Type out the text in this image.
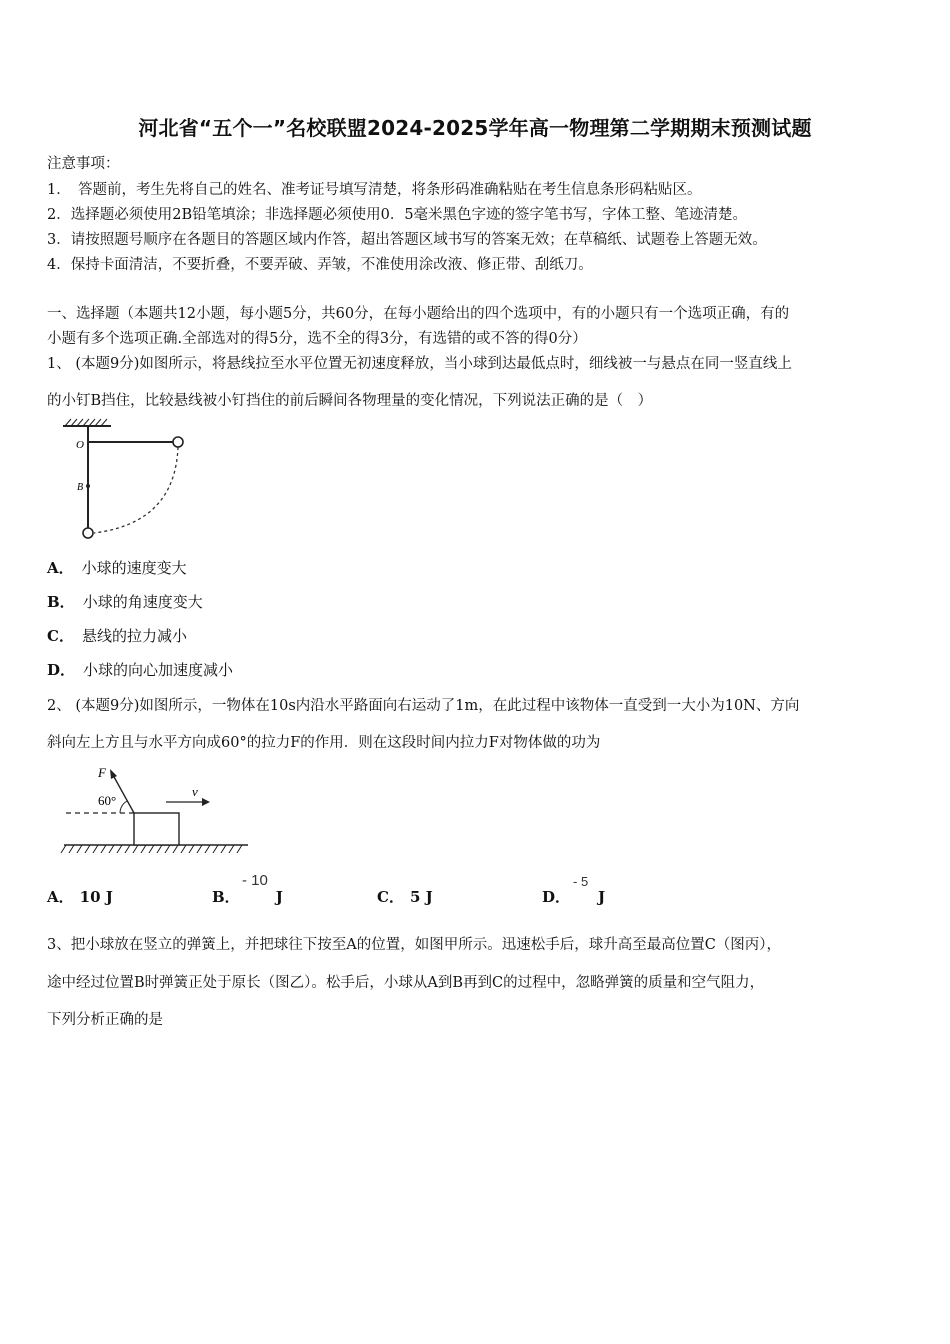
河北省“五个一”名校联盟2024-2025学年高一物理第二学期期末预测试题
注意事项：
1．　答题前，考生先将自己的姓名、准考证号填写清楚，将条形码准确粘贴在考生信息条形码粘贴区。
2．选择题必须使用2B铅笔填涂；非选择题必须使用0．5毫米黑色字迹的签字笔书写，字体工整、笔迹清楚。
3．请按照题号顺序在各题目的答题区域内作答，超出答题区域书写的答案无效；在草稿纸、试题卷上答题无效。
4．保持卡面清洁，不要折叠，不要弄破、弄皱，不准使用涂改液、修正带、刮纸刀。
一、选择题（本题共12小题，每小题5分，共60分，在每小题给出的四个选项中，有的小题只有一个选项正确，有的
小题有多个选项正确.全部选对的得5分，选不全的得3分，有选错的或不答的得0分）
1、 (本题9分)如图所示，将悬线拉至水平位置无初速度释放，当小球到达最低点时，细线被一与悬点在同一竖直线上
的小钉B挡住，比较悬线被小钉挡住的前后瞬间各物理量的变化情况，下列说法正确的是（　）
O
B
A． 小球的速度变大
B． 小球的角速度变大
C． 悬线的拉力减小
D． 小球的向心加速度减小
2、 (本题9分)如图所示，一物体在10s内沿水平路面向右运动了1m，在此过程中该物体一直受到一大小为10N、方向
斜向左上方且与水平方向成60°的拉力F的作用．则在这段时间内拉力F对物体做的功为
F
60°
v
A． 10 J	B． J
- 10
C． 5 J	D． J
- 5
3、把小球放在竖立的弹簧上，并把球往下按至A的位置，如图甲所示。迅速松手后，球升高至最高位置C（图丙），
途中经过位置B时弹簧正处于原长（图乙）。松手后，小球从A到B再到C的过程中，忽略弹簧的质量和空气阻力，
下列分析正确的是
